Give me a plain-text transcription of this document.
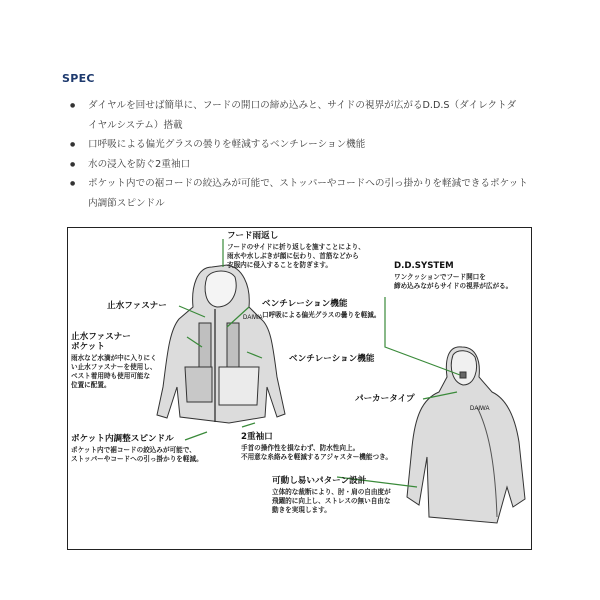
SPEC
● ダイヤルを回せば簡単に、フードの開口の締め込みと、サイドの視界が広がるD.D.S（ダイレクトダ
イヤルシステム）搭載
● 口呼吸による偏光グラスの曇りを軽減するベンチレーション機能
● 水の浸入を防ぐ2重袖口
● ポケット内での裾コードの絞込みが可能で、ストッパーやコードへの引っ掛かりを軽減できるポケット
内調節スピンドル
DAIWA
DAIWA
フード雨返し
フードのサイドに折り返しを施すことにより、
雨水や水しぶきが顔に伝わり、首筋などから
衣服内に侵入することを防ぎます。	D.D.SYSTEM
ワンクッションでフード開口を
締め込みながらサイドの視界が広がる。
止水ファスナー	ベンチレーション機能
口呼吸による偏光グラスの曇りを軽減。
止水ファスナー
ポケット
雨水など水滴が中に入りにく
い止水ファスナーを使用し、
ベスト着用時も使用可能な
位置に配置。
ベンチレーション機能
パーカータイプ
ポケット内調整スピンドル
ポケット内で裾コードの絞込みが可能で、
ストッパーやコードへの引っ掛かりを軽減。
2重袖口
手首の操作性を損なわず、防水性向上。
不用意な糸絡みを軽減するアジャスター機能つき。
可動し易いパターン設計
立体的な裁断により、肘・肩の自由度が
飛躍的に向上し、ストレスの無い自由な
動きを実現します。
